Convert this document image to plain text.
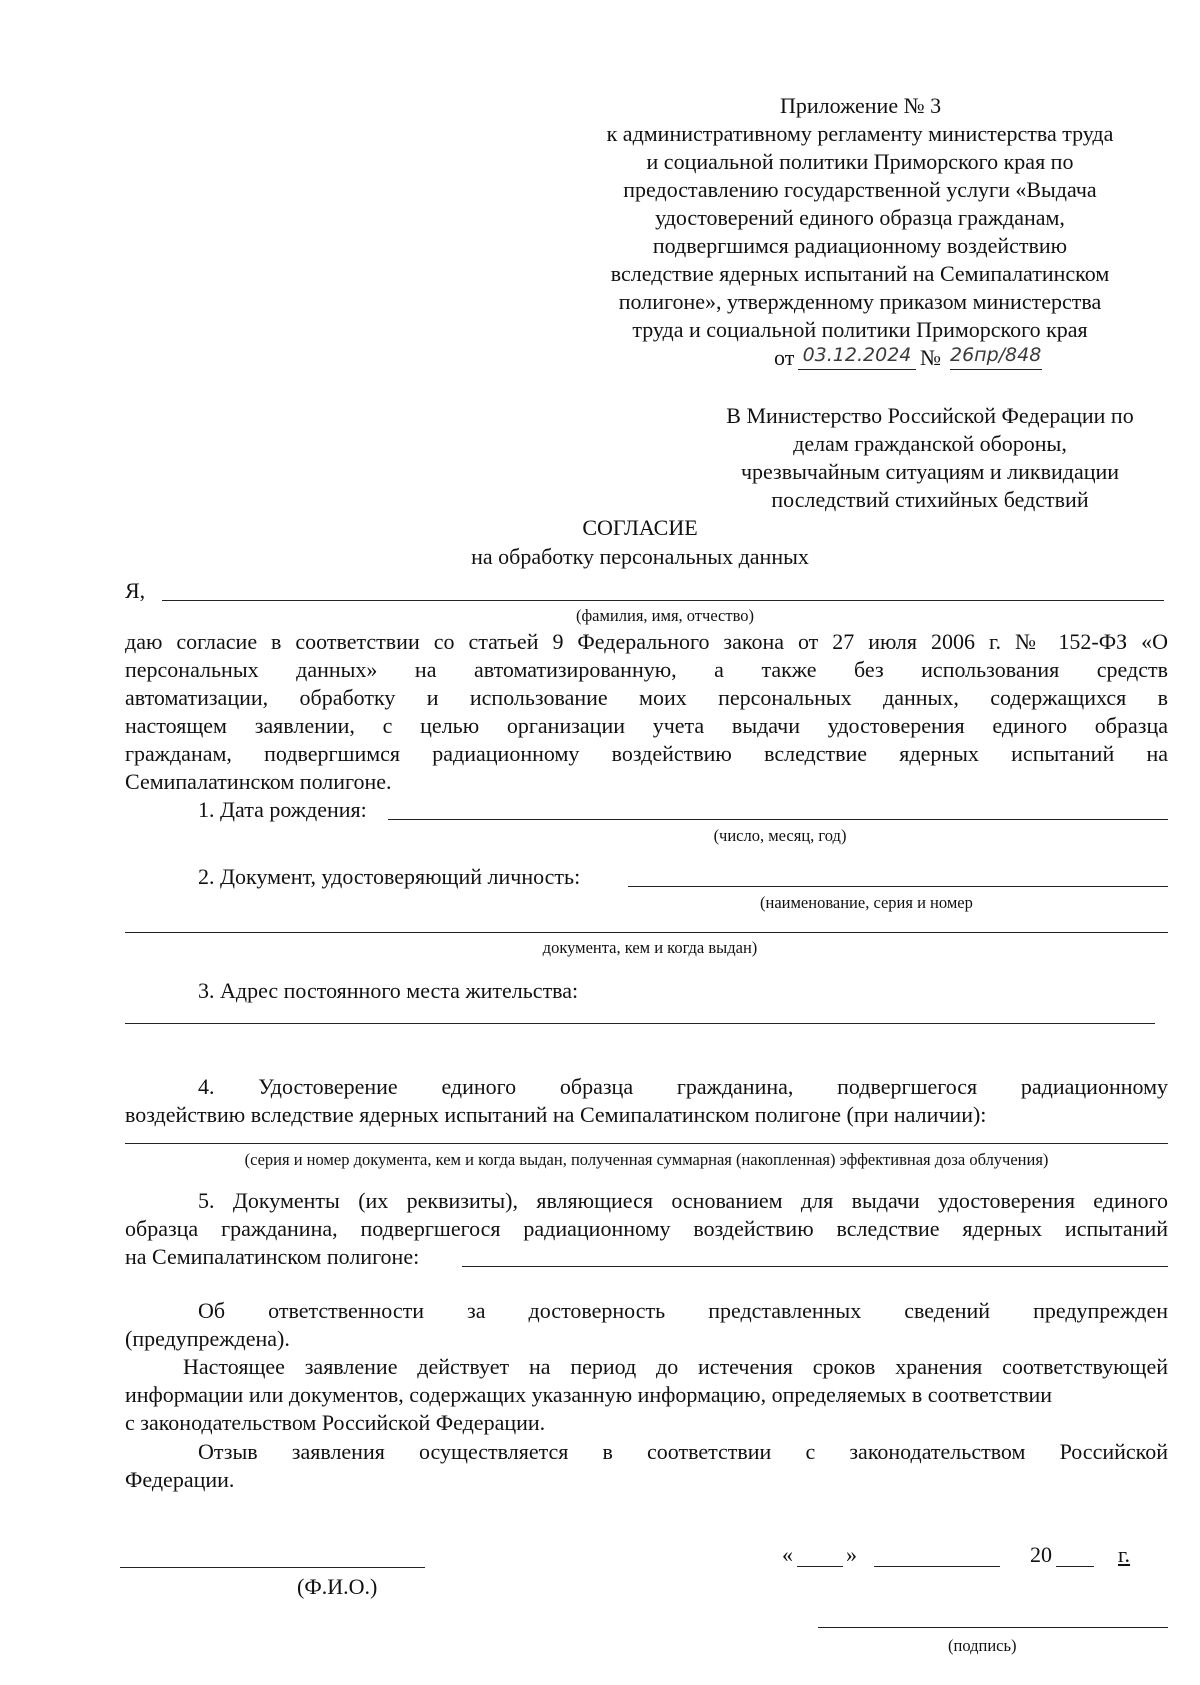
Приложение № 3
к административному регламенту министерства труда
и социальной политики Приморского края по
предоставлению государственной услуги «Выдача
удостоверений единого образца гражданам,
подвергшимся радиационному воздействию
вследствие ядерных испытаний на Семипалатинском
полигоне», утвержденному приказом министерства
труда и социальной политики Приморского края
от 03.12.2024 № 26пр/848
В Министерство Российской Федерации по
делам гражданской обороны,
чрезвычайным ситуациям и ликвидации
последствий стихийных бедствий
СОГЛАСИЕ
на обработку персональных данных
Я,
(фамилия, имя, отчество)
даю согласие в соответствии со статьей 9 Федерального закона от 27 июля 2006 г. № 152-ФЗ «О
персональных данных» на автоматизированную, а также без использования средств
автоматизации, обработку и использование моих персональных данных, содержащихся в
настоящем заявлении, с целью организации учета выдачи удостоверения единого образца
гражданам, подвергшимся радиационному воздействию вследствие ядерных испытаний на
Семипалатинском полигоне.
1. Дата рождения:
(число, месяц, год)
2. Документ, удостоверяющий личность:
(наименование, серия и номер
документа, кем и когда выдан)
3. Адрес постоянного места жительства:
4. Удостоверение единого образца гражданина, подвергшегося радиационному
воздействию вследствие ядерных испытаний на Семипалатинском полигоне (при наличии):
(серия и номер документа, кем и когда выдан, полученная суммарная (накопленная) эффективная доза облучения)
5. Документы (их реквизиты), являющиеся основанием для выдачи удостоверения единого
образца гражданина, подвергшегося радиационному воздействию вследствие ядерных испытаний
на Семипалатинском полигоне:
Об ответственности за достоверность представленных сведений предупрежден
(предупреждена).
Настоящее заявление действует на период до истечения сроков хранения соответствующей
информации или документов, содержащих указанную информацию, определяемых в соответствии
с законодательством Российской Федерации.
Отзыв заявления осуществляется в соответствии с законодательством Российской
Федерации.
(Ф.И.О.)
« »	20	г.
(подпись)
